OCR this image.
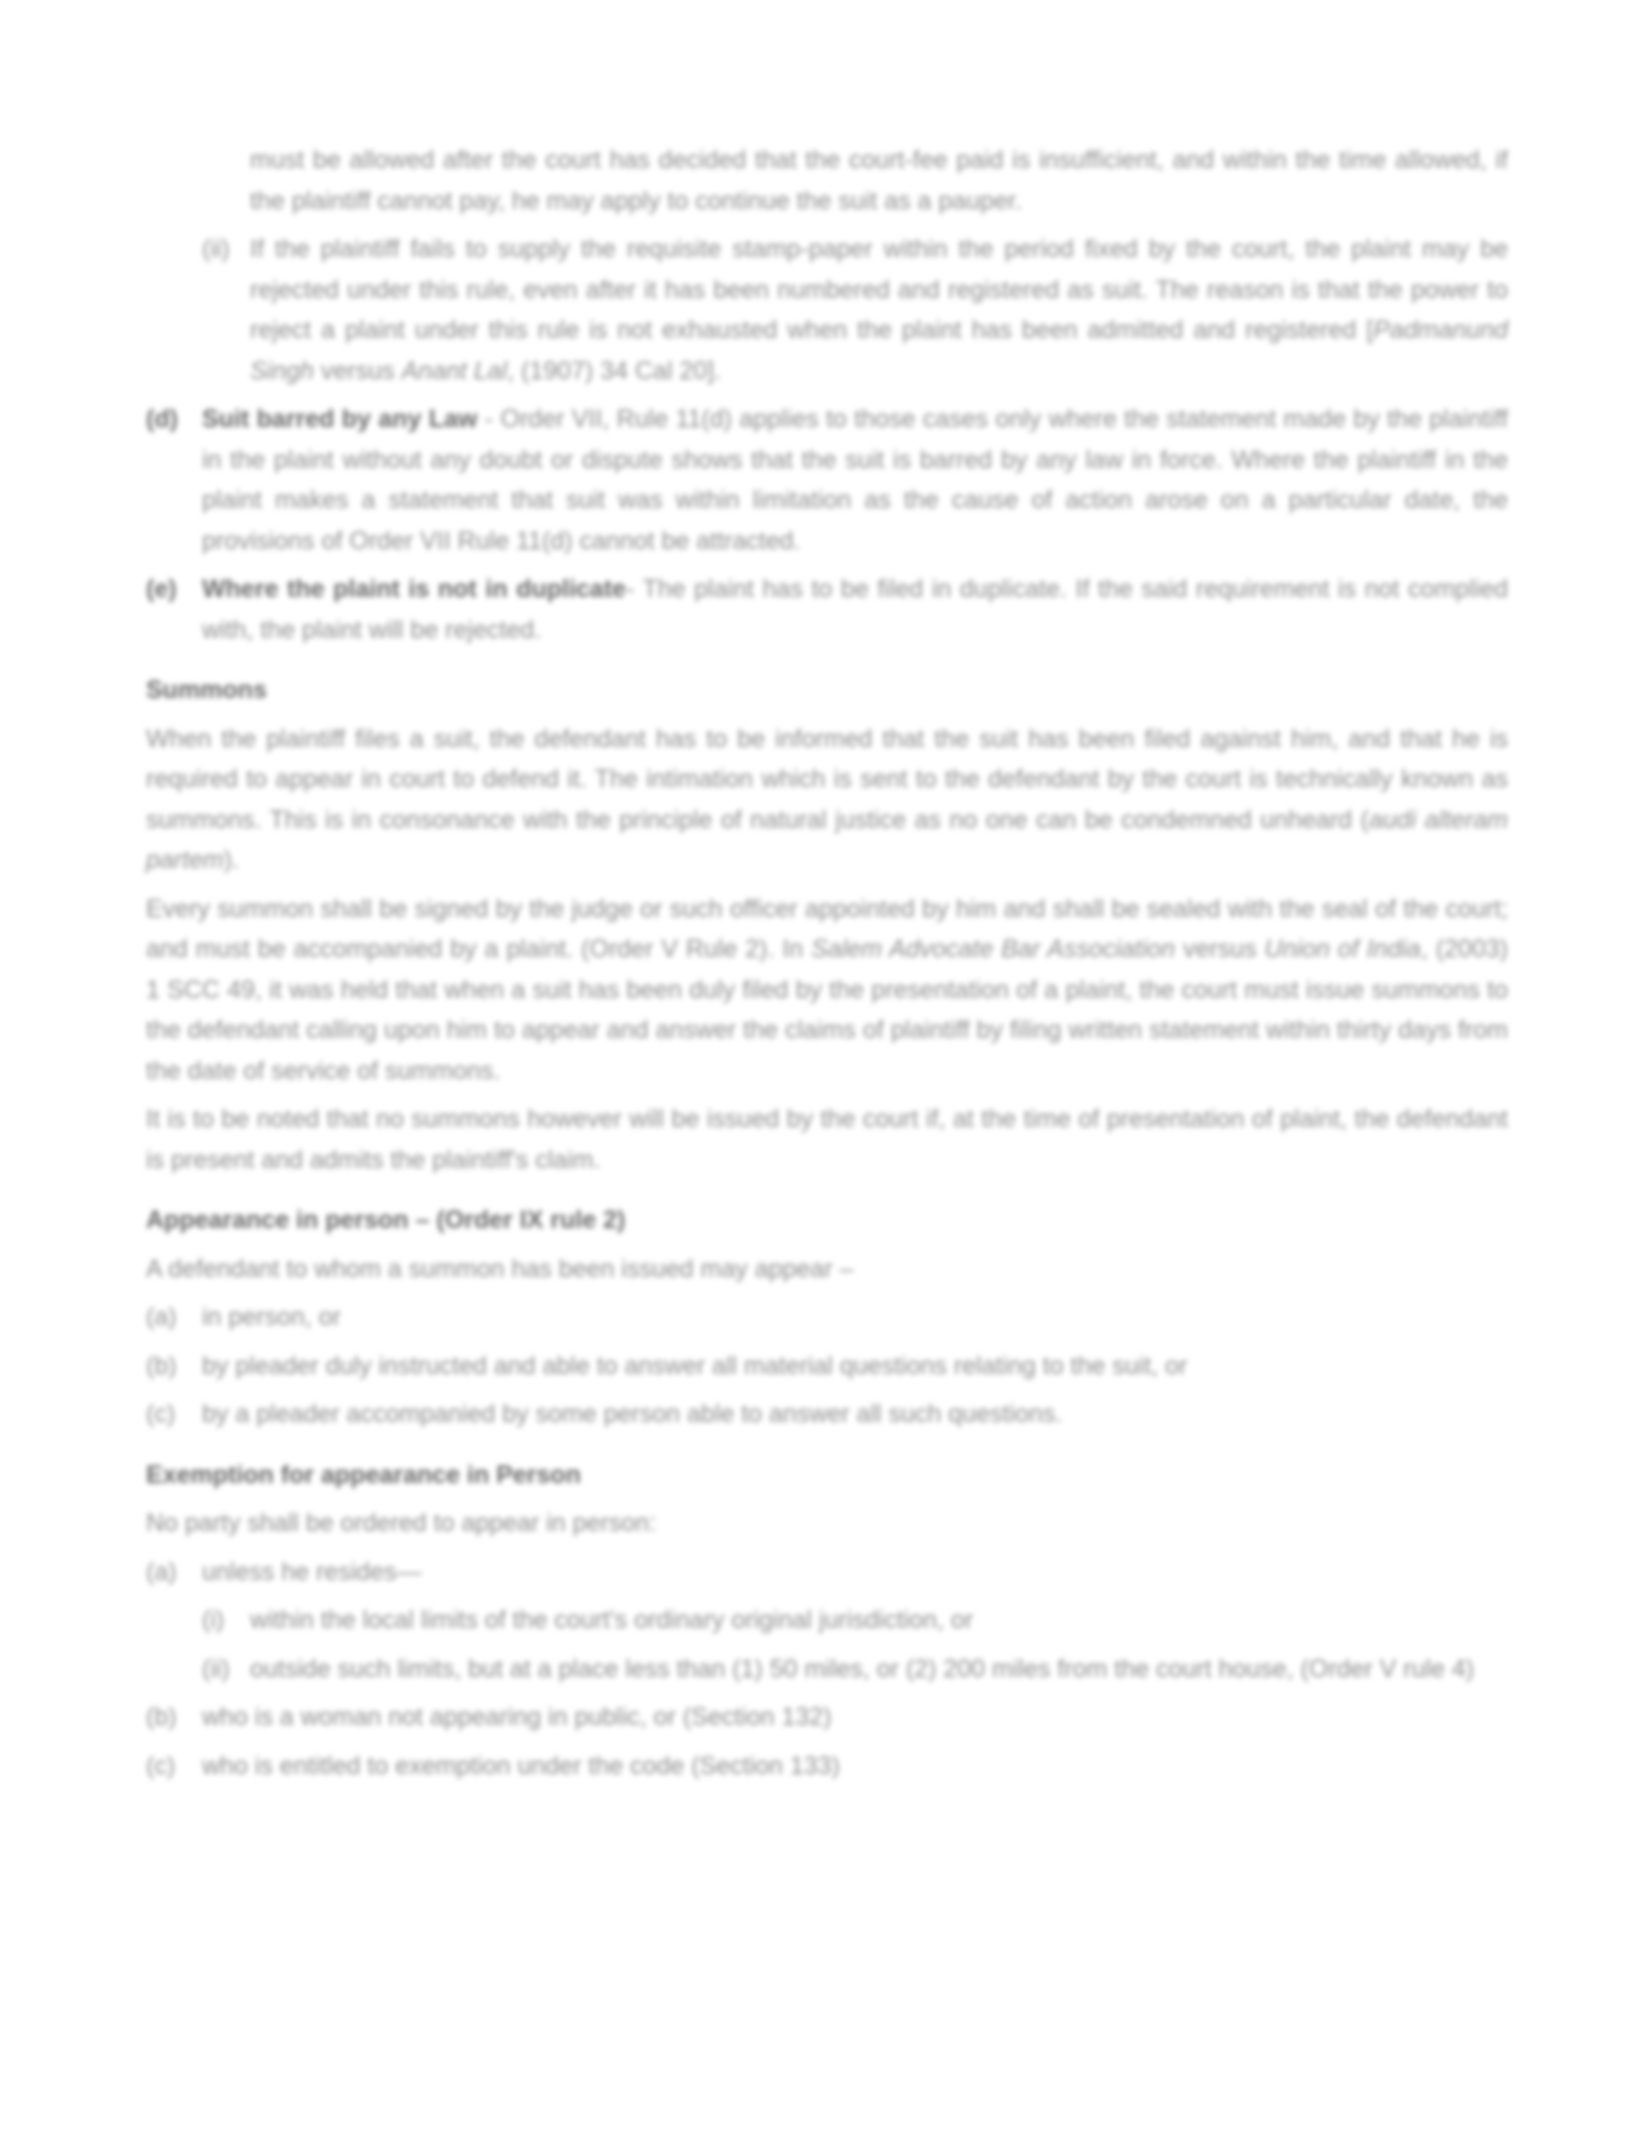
must be allowed after the court has decided that the court-fee paid is insufficient, and within the time allowed, if the plaintiff cannot pay, he may apply to continue the suit as a pauper.

(ii) If the plaintiff fails to supply the requisite stamp-paper within the period fixed by the court, the plaint may be rejected under this rule, even after it has been numbered and registered as suit. The reason is that the power to reject a plaint under this rule is not exhausted when the plaint has been admitted and registered [Padmanund Singh versus Anant Lal, (1907) 34 Cal 20].
(d) Suit barred by any Law - Order VII, Rule 11(d) applies to those cases only where the statement made by the plaintiff in the plaint without any doubt or dispute shows that the suit is barred by any law in force. Where the plaintiff in the plaint makes a statement that suit was within limitation as the cause of action arose on a particular date, the provisions of Order VII Rule 11(d) cannot be attracted.
(e)	Where the plaint is not in duplicate- The plaint has to be filed in duplicate. If the said requirement is not complied with, the plaint will be rejected.
Summons

When the plaintiff files a suit, the defendant has to be informed that the suit has been filed against him, and that he is required to appear in court to defend it. The intimation which is sent to the defendant by the court is technically known as summons. This is in consonance with the principle of natural justice as no one can be condemned unheard (audi alteram partem).

Every summon shall be signed by the judge or such officer appointed by him and shall be sealed with the seal of the court; and must be accompanied by a plaint. (Order V Rule 2). In Salem Advocate Bar Association versus Union of India, (2003) 1 SCC 49, it was held that when a suit has been duly filed by the presentation of a plaint, the court must issue summons to the defendant calling upon him to appear and answer the claims of plaintiff by filing written statement within thirty days from the date of service of summons.

It is to be noted that no summons however will be issued by the court if, at the time of presentation of plaint, the defendant is present and admits the plaintiff's claim.

Appearance in person – (Order IX rule 2)

A defendant to whom a summon has been issued may appear –

(a)	in person, or
(b)	by pleader duly instructed and able to answer all material questions relating to the suit, or
(c)	by a pleader accompanied by some person able to answer all such questions.
Exemption for appearance in Person

No party shall be ordered to appear in person:

(a)	unless he resides—
(i)	within the local limits of the court's ordinary original jurisdiction, or
(ii) outside such limits, but at a place less than (1) 50 miles, or (2) 200 miles from the court house, (Order V rule 4)
(b)	who is a woman not appearing in public, or (Section 132)
(c)	who is entitled to exemption under the code (Section 133)
